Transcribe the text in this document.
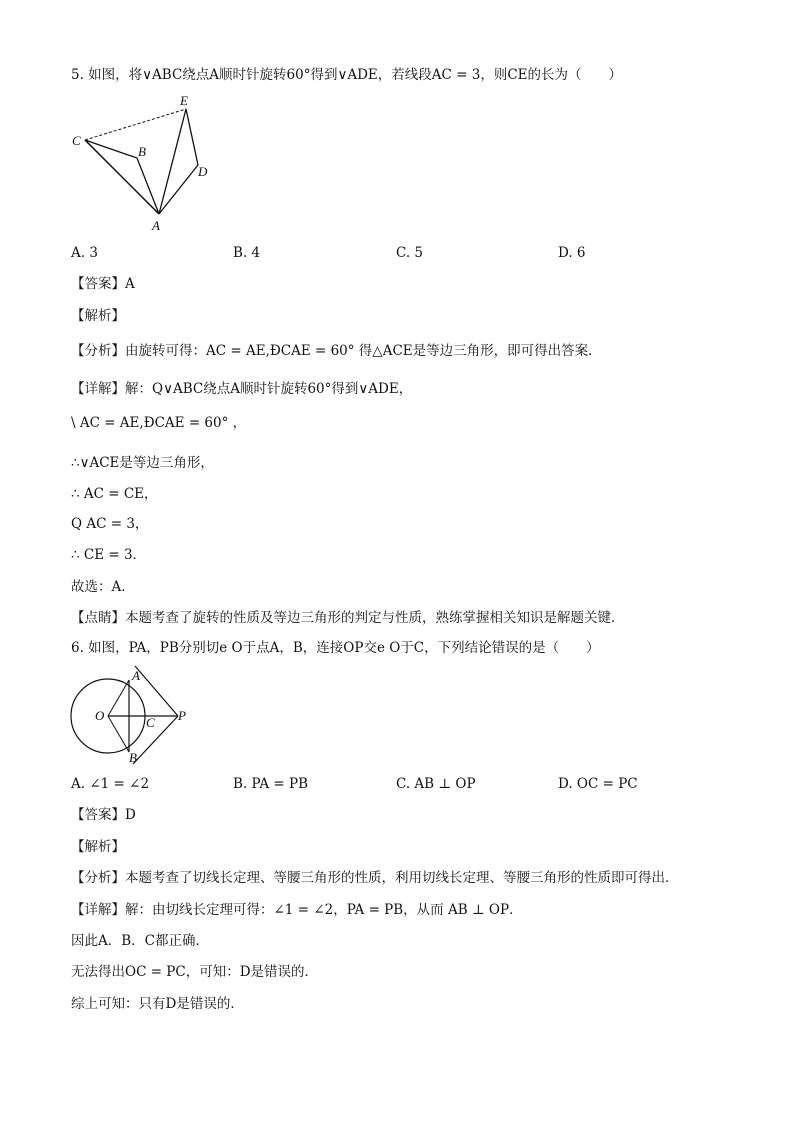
5. 如图，将∨ABC绕点A顺时针旋转60°得到∨ADE，若线段AC = 3，则CE的长为（　　）
E
C
B
D
A
A. 3	B. 4	C. 5	D. 6
【答案】A
【解析】
【分析】由旋转可得：AC = AE,ÐCAE = 60° 得△ACE是等边三角形，即可得出答案．
【详解】解：Q∨ABC绕点A顺时针旋转60°得到∨ADE，
\ AC = AE,ÐCAE = 60° ，
∴∨ACE是等边三角形，
∴ AC = CE，
Q AC = 3，
∴ CE = 3．
故选：A．
【点睛】本题考查了旋转的性质及等边三角形的判定与性质，熟练掌握相关知识是解题关键．
6. 如图，PA，PB分别切e O于点A，B，连接OP交e O于C，下列结论错误的是（　　）
A
O	C P
B
A. ∠1 = ∠2	B. PA = PB	C. AB ⊥ OP	D. OC = PC
【答案】D
【解析】
【分析】本题考查了切线长定理、等腰三角形的性质，利用切线长定理、等腰三角形的性质即可得出．
【详解】解：由切线长定理可得：∠1 = ∠2，PA = PB，从而 AB ⊥ OP．
因此A．B．C都正确．
无法得出OC = PC，可知：D是错误的．
综上可知：只有D是错误的．
